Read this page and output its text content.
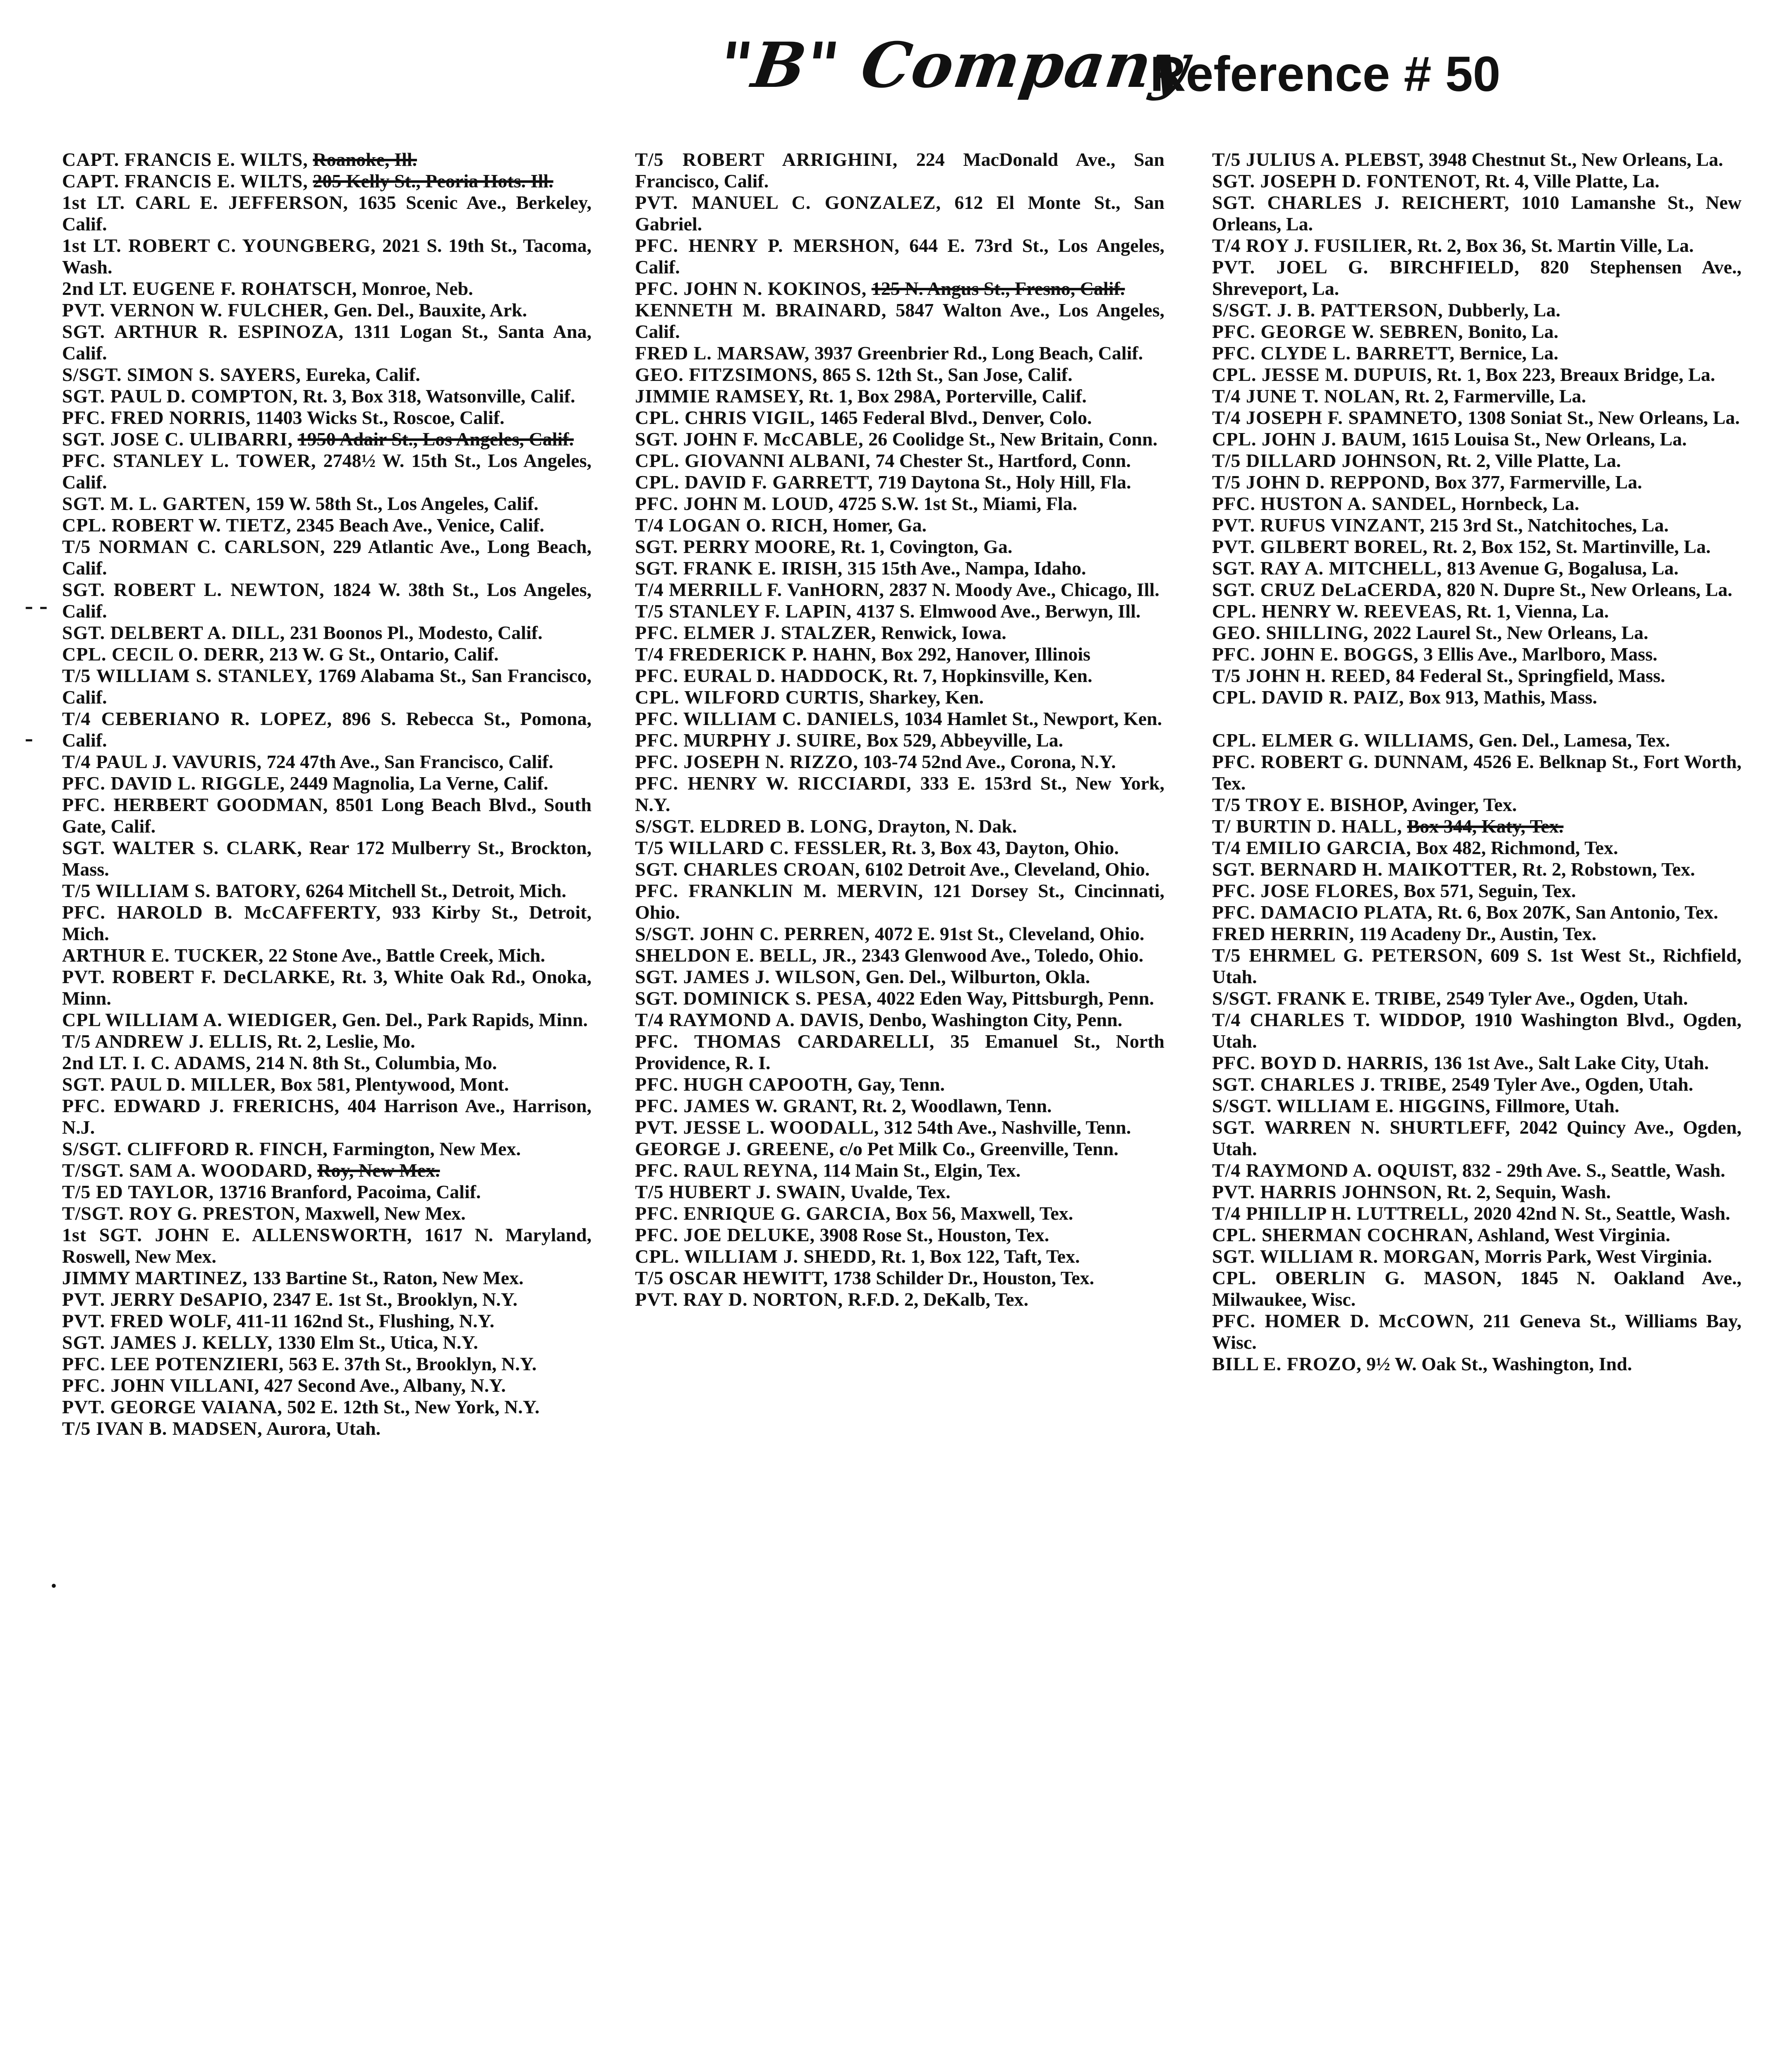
"B" Company
Reference # 50
CAPT. FRANCIS E. WILTS, Roanoke, Ill.
CAPT. FRANCIS E. WILTS, 205 Kelly St., Peoria Hots. Ill.
1st LT. CARL E. JEFFERSON, 1635 Scenic Ave., Berkeley, Calif.
1st LT. ROBERT C. YOUNGBERG, 2021 S. 19th St., Tacoma, Wash.
2nd LT. EUGENE F. ROHATSCH, Monroe, Neb.
PVT. VERNON W. FULCHER, Gen. Del., Bauxite, Ark.
SGT. ARTHUR R. ESPINOZA, 1311 Logan St., Santa Ana, Calif.
S/SGT. SIMON S. SAYERS, Eureka, Calif.
SGT. PAUL D. COMPTON, Rt. 3, Box 318, Watsonville, Calif.
PFC. FRED NORRIS, 11403 Wicks St., Roscoe, Calif.
SGT. JOSE C. ULIBARRI, 1950 Adair St., Los Angeles, Calif.
PFC. STANLEY L. TOWER, 2748½ W. 15th St., Los Angeles, Calif.
SGT. M. L. GARTEN, 159 W. 58th St., Los Angeles, Calif.
CPL. ROBERT W. TIETZ, 2345 Beach Ave., Venice, Calif.
T/5 NORMAN C. CARLSON, 229 Atlantic Ave., Long Beach, Calif.
SGT. ROBERT L. NEWTON, 1824 W. 38th St., Los Angeles, Calif.
SGT. DELBERT A. DILL, 231 Boonos Pl., Modesto, Calif.
CPL. CECIL O. DERR, 213 W. G St., Ontario, Calif.
T/5 WILLIAM S. STANLEY, 1769 Alabama St., San Francisco, Calif.
T/4 CEBERIANO R. LOPEZ, 896 S. Rebecca St., Pomona, Calif.
T/4 PAUL J. VAVURIS, 724 47th Ave., San Francisco, Calif.
PFC. DAVID L. RIGGLE, 2449 Magnolia, La Verne, Calif.
PFC. HERBERT GOODMAN, 8501 Long Beach Blvd., South Gate, Calif.
SGT. WALTER S. CLARK, Rear 172 Mulberry St., Brockton, Mass.
T/5 WILLIAM S. BATORY, 6264 Mitchell St., Detroit, Mich.
PFC. HAROLD B. McCAFFERTY, 933 Kirby St., Detroit, Mich.
ARTHUR E. TUCKER, 22 Stone Ave., Battle Creek, Mich.
PVT. ROBERT F. DeCLARKE, Rt. 3, White Oak Rd., Onoka, Minn.
CPL WILLIAM A. WIEDIGER, Gen. Del., Park Rapids, Minn.
T/5 ANDREW J. ELLIS, Rt. 2, Leslie, Mo.
2nd LT. I. C. ADAMS, 214 N. 8th St., Columbia, Mo.
SGT. PAUL D. MILLER, Box 581, Plentywood, Mont.
PFC. EDWARD J. FRERICHS, 404 Harrison Ave., Harrison, N.J.
S/SGT. CLIFFORD R. FINCH, Farmington, New Mex.
T/SGT. SAM A. WOODARD, Roy, New Mex.
T/5 ED TAYLOR, 13716 Branford, Pacoima, Calif.
T/SGT. ROY G. PRESTON, Maxwell, New Mex.
1st SGT. JOHN E. ALLENSWORTH, 1617 N. Maryland, Roswell, New Mex.
JIMMY MARTINEZ, 133 Bartine St., Raton, New Mex.
PVT. JERRY DeSAPIO, 2347 E. 1st St., Brooklyn, N.Y.
PVT. FRED WOLF, 411-11 162nd St., Flushing, N.Y.
SGT. JAMES J. KELLY, 1330 Elm St., Utica, N.Y.
PFC. LEE POTENZIERI, 563 E. 37th St., Brooklyn, N.Y.
PFC. JOHN VILLANI, 427 Second Ave., Albany, N.Y.
PVT. GEORGE VAIANA, 502 E. 12th St., New York, N.Y.
T/5 IVAN B. MADSEN, Aurora, Utah.
T/5 ROBERT ARRIGHINI, 224 MacDonald Ave., San Francisco, Calif.
PVT. MANUEL C. GONZALEZ, 612 El Monte St., San Gabriel.
PFC. HENRY P. MERSHON, 644 E. 73rd St., Los Angeles, Calif.
PFC. JOHN N. KOKINOS, 125 N. Angus St., Fresno, Calif.
KENNETH M. BRAINARD, 5847 Walton Ave., Los Angeles, Calif.
FRED L. MARSAW, 3937 Greenbrier Rd., Long Beach, Calif.
GEO. FITZSIMONS, 865 S. 12th St., San Jose, Calif.
JIMMIE RAMSEY, Rt. 1, Box 298A, Porterville, Calif.
CPL. CHRIS VIGIL, 1465 Federal Blvd., Denver, Colo.
SGT. JOHN F. McCABLE, 26 Coolidge St., New Britain, Conn.
CPL. GIOVANNI ALBANI, 74 Chester St., Hartford, Conn.
CPL. DAVID F. GARRETT, 719 Daytona St., Holy Hill, Fla.
PFC. JOHN M. LOUD, 4725 S.W. 1st St., Miami, Fla.
T/4 LOGAN O. RICH, Homer, Ga.
SGT. PERRY MOORE, Rt. 1, Covington, Ga.
SGT. FRANK E. IRISH, 315 15th Ave., Nampa, Idaho.
T/4 MERRILL F. VanHORN, 2837 N. Moody Ave., Chicago, Ill.
T/5 STANLEY F. LAPIN, 4137 S. Elmwood Ave., Berwyn, Ill.
PFC. ELMER J. STALZER, Renwick, Iowa.
T/4 FREDERICK P. HAHN, Box 292, Hanover, Illinois
PFC. EURAL D. HADDOCK, Rt. 7, Hopkinsville, Ken.
CPL. WILFORD CURTIS, Sharkey, Ken.
PFC. WILLIAM C. DANIELS, 1034 Hamlet St., Newport, Ken.
PFC. MURPHY J. SUIRE, Box 529, Abbeyville, La.
PFC. JOSEPH N. RIZZO, 103-74 52nd Ave., Corona, N.Y.
PFC. HENRY W. RICCIARDI, 333 E. 153rd St., New York, N.Y.
S/SGT. ELDRED B. LONG, Drayton, N. Dak.
T/5 WILLARD C. FESSLER, Rt. 3, Box 43, Dayton, Ohio.
SGT. CHARLES CROAN, 6102 Detroit Ave., Cleveland, Ohio.
PFC. FRANKLIN M. MERVIN, 121 Dorsey St., Cincinnati, Ohio.
S/SGT. JOHN C. PERREN, 4072 E. 91st St., Cleveland, Ohio.
SHELDON E. BELL, JR., 2343 Glenwood Ave., Toledo, Ohio.
SGT. JAMES J. WILSON, Gen. Del., Wilburton, Okla.
SGT. DOMINICK S. PESA, 4022 Eden Way, Pittsburgh, Penn.
T/4 RAYMOND A. DAVIS, Denbo, Washington City, Penn.
PFC. THOMAS CARDARELLI, 35 Emanuel St., North Providence, R. I.
PFC. HUGH CAPOOTH, Gay, Tenn.
PFC. JAMES W. GRANT, Rt. 2, Woodlawn, Tenn.
PVT. JESSE L. WOODALL, 312 54th Ave., Nashville, Tenn.
GEORGE J. GREENE, c/o Pet Milk Co., Greenville, Tenn.
PFC. RAUL REYNA, 114 Main St., Elgin, Tex.
T/5 HUBERT J. SWAIN, Uvalde, Tex.
PFC. ENRIQUE G. GARCIA, Box 56, Maxwell, Tex.
PFC. JOE DELUKE, 3908 Rose St., Houston, Tex.
CPL. WILLIAM J. SHEDD, Rt. 1, Box 122, Taft, Tex.
T/5 OSCAR HEWITT, 1738 Schilder Dr., Houston, Tex.
PVT. RAY D. NORTON, R.F.D. 2, DeKalb, Tex.
T/5 JULIUS A. PLEBST, 3948 Chestnut St., New Orleans, La.
SGT. JOSEPH D. FONTENOT, Rt. 4, Ville Platte, La.
SGT. CHARLES J. REICHERT, 1010 Lamanshe St., New Orleans, La.
T/4 ROY J. FUSILIER, Rt. 2, Box 36, St. Martin Ville, La.
PVT. JOEL G. BIRCHFIELD, 820 Stephensen Ave., Shreveport, La.
S/SGT. J. B. PATTERSON, Dubberly, La.
PFC. GEORGE W. SEBREN, Bonito, La.
PFC. CLYDE L. BARRETT, Bernice, La.
CPL. JESSE M. DUPUIS, Rt. 1, Box 223, Breaux Bridge, La.
T/4 JUNE T. NOLAN, Rt. 2, Farmerville, La.
T/4 JOSEPH F. SPAMNETO, 1308 Soniat St., New Orleans, La.
CPL. JOHN J. BAUM, 1615 Louisa St., New Orleans, La.
T/5 DILLARD JOHNSON, Rt. 2, Ville Platte, La.
T/5 JOHN D. REPPOND, Box 377, Farmerville, La.
PFC. HUSTON A. SANDEL, Hornbeck, La.
PVT. RUFUS VINZANT, 215 3rd St., Natchitoches, La.
PVT. GILBERT BOREL, Rt. 2, Box 152, St. Martinville, La.
SGT. RAY A. MITCHELL, 813 Avenue G, Bogalusa, La.
SGT. CRUZ DeLaCERDA, 820 N. Dupre St., New Orleans, La.
CPL. HENRY W. REEVEAS, Rt. 1, Vienna, La.
GEO. SHILLING, 2022 Laurel St., New Orleans, La.
PFC. JOHN E. BOGGS, 3 Ellis Ave., Marlboro, Mass.
T/5 JOHN H. REED, 84 Federal St., Springfield, Mass.
CPL. DAVID R. PAIZ, Box 913, Mathis, Mass.
CPL. ELMER G. WILLIAMS, Gen. Del., Lamesa, Tex.
PFC. ROBERT G. DUNNAM, 4526 E. Belknap St., Fort Worth, Tex.
T/5 TROY E. BISHOP, Avinger, Tex.
T/ BURTIN D. HALL, Box 344, Katy, Tex.
T/4 EMILIO GARCIA, Box 482, Richmond, Tex.
SGT. BERNARD H. MAIKOTTER, Rt. 2, Robstown, Tex.
PFC. JOSE FLORES, Box 571, Seguin, Tex.
PFC. DAMACIO PLATA, Rt. 6, Box 207K, San Antonio, Tex.
FRED HERRIN, 119 Acadeny Dr., Austin, Tex.
T/5 EHRMEL G. PETERSON, 609 S. 1st West St., Richfield, Utah.
S/SGT. FRANK E. TRIBE, 2549 Tyler Ave., Ogden, Utah.
T/4 CHARLES T. WIDDOP, 1910 Washington Blvd., Ogden, Utah.
PFC. BOYD D. HARRIS, 136 1st Ave., Salt Lake City, Utah.
SGT. CHARLES J. TRIBE, 2549 Tyler Ave., Ogden, Utah.
S/SGT. WILLIAM E. HIGGINS, Fillmore, Utah.
SGT. WARREN N. SHURTLEFF, 2042 Quincy Ave., Ogden, Utah.
T/4 RAYMOND A. OQUIST, 832 - 29th Ave. S., Seattle, Wash.
PVT. HARRIS JOHNSON, Rt. 2, Sequin, Wash.
T/4 PHILLIP H. LUTTRELL, 2020 42nd N. St., Seattle, Wash.
CPL. SHERMAN COCHRAN, Ashland, West Virginia.
SGT. WILLIAM R. MORGAN, Morris Park, West Virginia.
CPL. OBERLIN G. MASON, 1845 N. Oakland Ave., Milwaukee, Wisc.
PFC. HOMER D. McCOWN, 211 Geneva St., Williams Bay, Wisc.
BILL E. FROZO, 9½ W. Oak St., Washington, Ind.
- -
-
·
